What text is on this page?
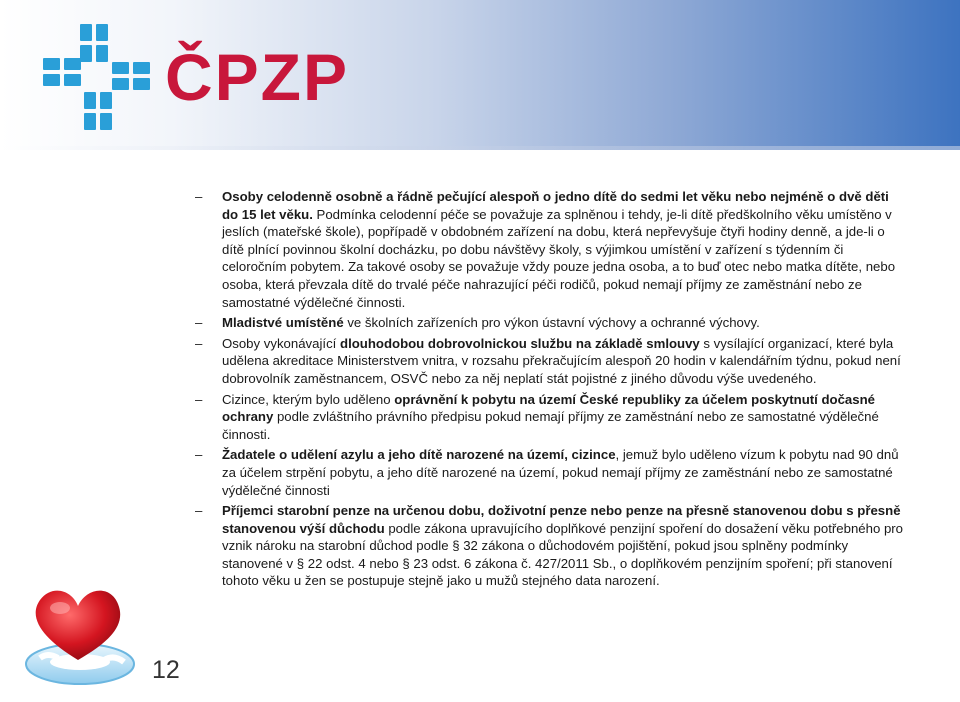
ČPZP
– Osoby celodenně osobně a řádně pečující alespoň o jedno dítě do sedmi let věku nebo nejméně o dvě děti do 15 let věku. Podmínka celodenní péče se považuje za splněnou i tehdy, je-li dítě předškolního věku umístěno v jeslích (mateřské škole), popřípadě v obdobném zařízení na dobu, která nepřevyšuje čtyři hodiny denně, a jde-li o dítě plnící povinnou školní docházku, po dobu návštěvy školy, s výjimkou umístění v zařízení s týdenním či celoročním pobytem. Za takové osoby se považuje vždy pouze jedna osoba, a to buď otec nebo matka dítěte, nebo osoba, která převzala dítě do trvalé péče nahrazující péči rodičů, pokud nemají příjmy ze zaměstnání nebo ze samostatné výdělečné činnosti.
– Mladistvé umístěné ve školních zařízeních pro výkon ústavní výchovy a ochranné výchovy.
– Osoby vykonávající dlouhodobou dobrovolnickou službu na základě smlouvy s vysílající organizací, které byla udělena akreditace Ministerstvem vnitra, v rozsahu překračujícím alespoň 20 hodin v kalendářním týdnu, pokud není dobrovolník zaměstnancem, OSVČ nebo za něj neplatí stát pojistné z jiného důvodu výše uvedeného.
– Cizince, kterým bylo uděleno oprávnění k pobytu na území České republiky za účelem poskytnutí dočasné ochrany podle zvláštního právního předpisu pokud nemají příjmy ze zaměstnání nebo ze samostatné výdělečné činnosti.
– Žadatele o udělení azylu a jeho dítě narozené na území, cizince, jemuž bylo uděleno vízum k pobytu nad 90 dnů za účelem strpění pobytu, a jeho dítě narozené na území, pokud nemají příjmy ze zaměstnání nebo ze samostatné výdělečné činnosti
– Příjemci starobní penze na určenou dobu, doživotní penze nebo penze na přesně stanovenou dobu s přesně stanovenou výší důchodu podle zákona upravujícího doplňkové penzijní spoření do dosažení věku potřebného pro vznik nároku na starobní důchod podle § 32 zákona o důchodovém pojištění, pokud jsou splněny podmínky stanovené v § 22 odst. 4 nebo § 23 odst. 6 zákona č. 427/2011 Sb., o doplňkovém penzijním spoření; při stanovení tohoto věku u žen se postupuje stejně jako u mužů stejného data narození.
12
